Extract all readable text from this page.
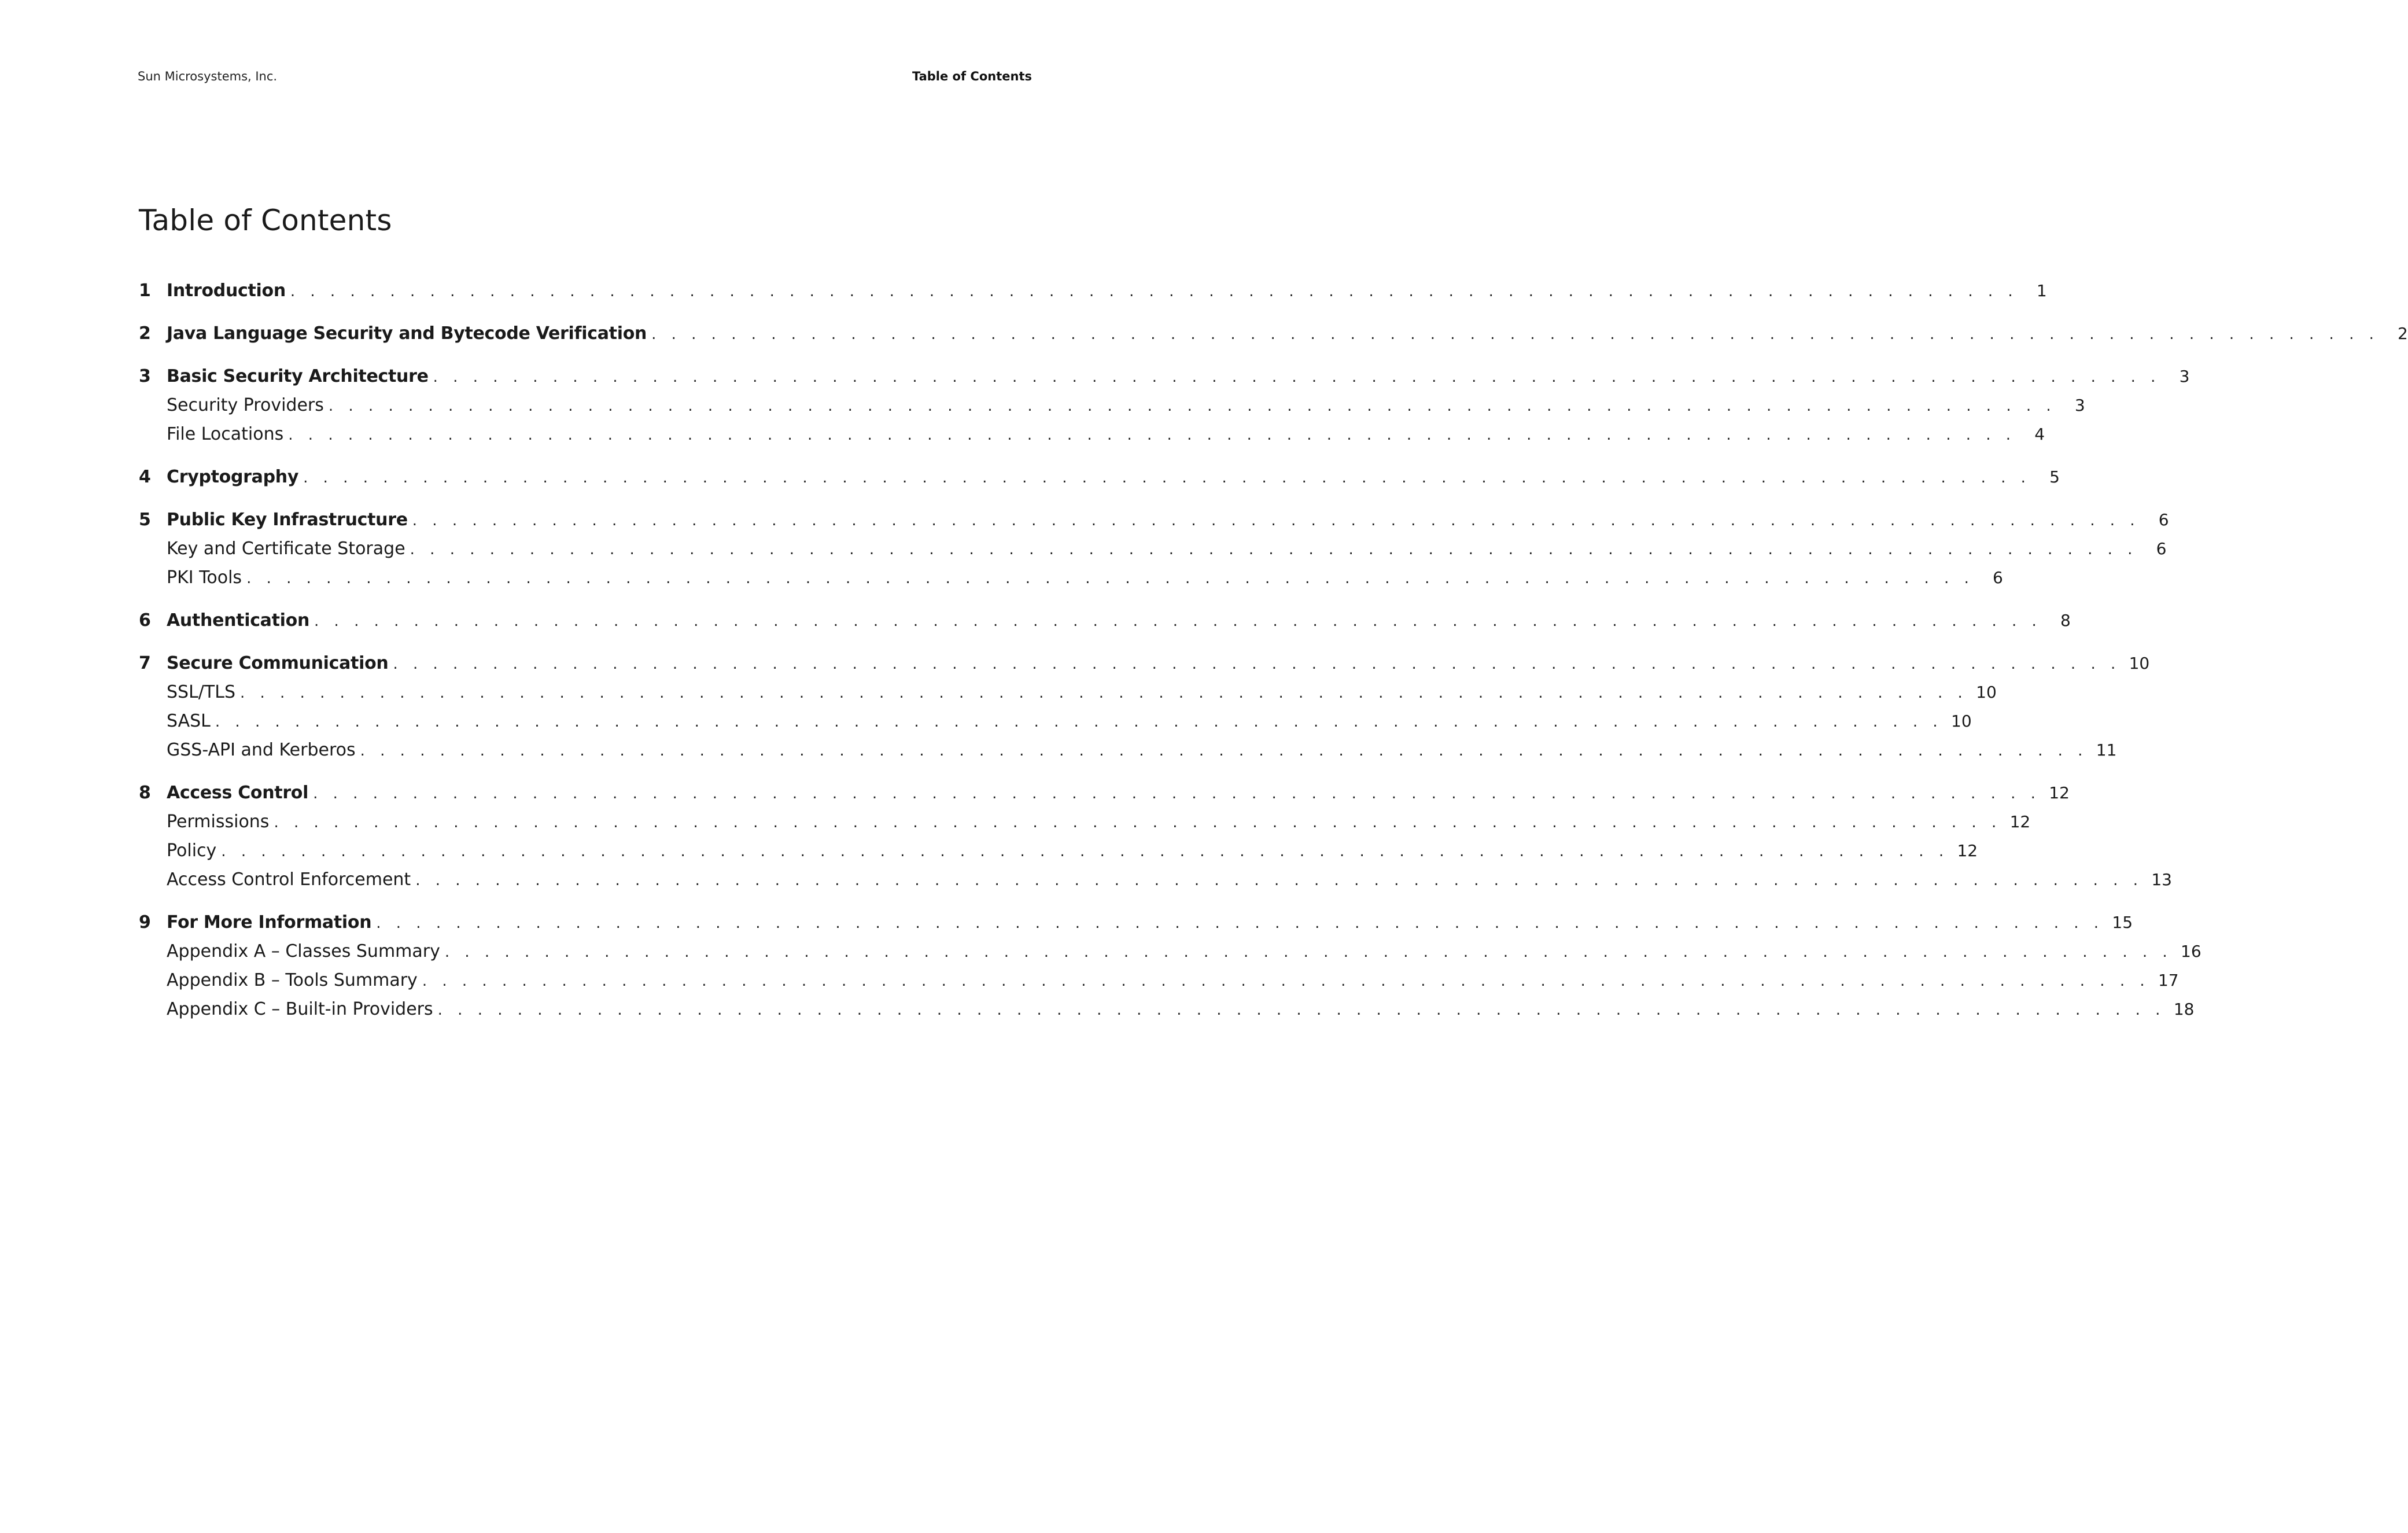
Sun Microsystems, Inc.	Table of Contents
Table of Contents
1 Introduction . . . . . . . . . . . . . . . . . . . . . . . . . . . . . . . . . . . . . . . . . . . . . . . . . . . . . . . . . . . . . . . . . . . . . . . . . . . . . . . . . . . . . . .	1
2 Java Language Security and Bytecode Verification . . . . . . . . . . . . . . . . . . . . . . . . . . . . . . . . . . . . . . . . . . . . . . . . . . . . . . . . . . . . . . . . . . . . . . . . . . . . . . . . . . . . . . .	2
3 Basic Security Architecture . . . . . . . . . . . . . . . . . . . . . . . . . . . . . . . . . . . . . . . . . . . . . . . . . . . . . . . . . . . . . . . . . . . . . . . . . . . . . . . . . . . . . . .	3
Security Providers . . . . . . . . . . . . . . . . . . . . . . . . . . . . . . . . . . . . . . . . . . . . . . . . . . . . . . . . . . . . . . . . . . . . . . . . . . . . . . . . . . . . . . .	3
File Locations . . . . . . . . . . . . . . . . . . . . . . . . . . . . . . . . . . . . . . . . . . . . . . . . . . . . . . . . . . . . . . . . . . . . . . . . . . . . . . . . . . . . . . .	4
4 Cryptography . . . . . . . . . . . . . . . . . . . . . . . . . . . . . . . . . . . . . . . . . . . . . . . . . . . . . . . . . . . . . . . . . . . . . . . . . . . . . . . . . . . . . . .	5
5 Public Key Infrastructure . . . . . . . . . . . . . . . . . . . . . . . . . . . . . . . . . . . . . . . . . . . . . . . . . . . . . . . . . . . . . . . . . . . . . . . . . . . . . . . . . . . . . . .	6
Key and Certificate Storage . . . . . . . . . . . . . . . . . . . . . . . . . . . . . . . . . . . . . . . . . . . . . . . . . . . . . . . . . . . . . . . . . . . . . . . . . . . . . . . . . . . . . . .	6
PKI Tools . . . . . . . . . . . . . . . . . . . . . . . . . . . . . . . . . . . . . . . . . . . . . . . . . . . . . . . . . . . . . . . . . . . . . . . . . . . . . . . . . . . . . . .	6
6 Authentication . . . . . . . . . . . . . . . . . . . . . . . . . . . . . . . . . . . . . . . . . . . . . . . . . . . . . . . . . . . . . . . . . . . . . . . . . . . . . . . . . . . . . . .	8
7 Secure Communication . . . . . . . . . . . . . . . . . . . . . . . . . . . . . . . . . . . . . . . . . . . . . . . . . . . . . . . . . . . . . . . . . . . . . . . . . . . . . . . . . . . . . . . 10
SSL/TLS . . . . . . . . . . . . . . . . . . . . . . . . . . . . . . . . . . . . . . . . . . . . . . . . . . . . . . . . . . . . . . . . . . . . . . . . . . . . . . . . . . . . . . . 10
SASL . . . . . . . . . . . . . . . . . . . . . . . . . . . . . . . . . . . . . . . . . . . . . . . . . . . . . . . . . . . . . . . . . . . . . . . . . . . . . . . . . . . . . . . 10
GSS-API and Kerberos . . . . . . . . . . . . . . . . . . . . . . . . . . . . . . . . . . . . . . . . . . . . . . . . . . . . . . . . . . . . . . . . . . . . . . . . . . . . . . . . . . . . . . . 11
8 Access Control . . . . . . . . . . . . . . . . . . . . . . . . . . . . . . . . . . . . . . . . . . . . . . . . . . . . . . . . . . . . . . . . . . . . . . . . . . . . . . . . . . . . . . . 12
Permissions . . . . . . . . . . . . . . . . . . . . . . . . . . . . . . . . . . . . . . . . . . . . . . . . . . . . . . . . . . . . . . . . . . . . . . . . . . . . . . . . . . . . . . . 12
Policy . . . . . . . . . . . . . . . . . . . . . . . . . . . . . . . . . . . . . . . . . . . . . . . . . . . . . . . . . . . . . . . . . . . . . . . . . . . . . . . . . . . . . . . 12
Access Control Enforcement . . . . . . . . . . . . . . . . . . . . . . . . . . . . . . . . . . . . . . . . . . . . . . . . . . . . . . . . . . . . . . . . . . . . . . . . . . . . . . . . . . . . . . . 13
9 For More Information . . . . . . . . . . . . . . . . . . . . . . . . . . . . . . . . . . . . . . . . . . . . . . . . . . . . . . . . . . . . . . . . . . . . . . . . . . . . . . . . . . . . . . . 15
Appendix A – Classes Summary . . . . . . . . . . . . . . . . . . . . . . . . . . . . . . . . . . . . . . . . . . . . . . . . . . . . . . . . . . . . . . . . . . . . . . . . . . . . . . . . . . . . . . . 16
Appendix B – Tools Summary . . . . . . . . . . . . . . . . . . . . . . . . . . . . . . . . . . . . . . . . . . . . . . . . . . . . . . . . . . . . . . . . . . . . . . . . . . . . . . . . . . . . . . . 17
Appendix C – Built-in Providers . . . . . . . . . . . . . . . . . . . . . . . . . . . . . . . . . . . . . . . . . . . . . . . . . . . . . . . . . . . . . . . . . . . . . . . . . . . . . . . . . . . . . . . 18
